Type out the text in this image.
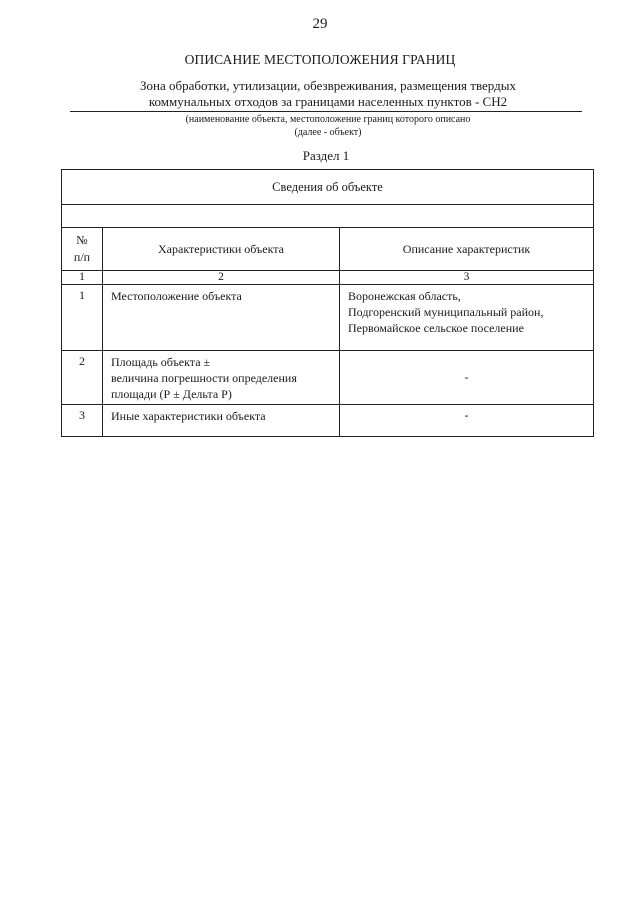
29
ОПИСАНИЕ МЕСТОПОЛОЖЕНИЯ ГРАНИЦ
Зона обработки, утилизации, обезвреживания, размещения твердых
коммунальных отходов за границами населенных пунктов - СН2
(наименование объекта, местоположение границ которого описано
(далее - объект)
Раздел 1
Сведения об объекте		

№
п/п	Характеристики объекта	Описание характеристик
1	2	3
1	Местоположение объекта	Воронежская область,
Подгоренский муниципальный район,
Первомайское сельское поселение

2	Площадь объекта ±
величина погрешности определения
площади (Р ± Дельта Р)	-
3	Иные характеристики объекта	-
